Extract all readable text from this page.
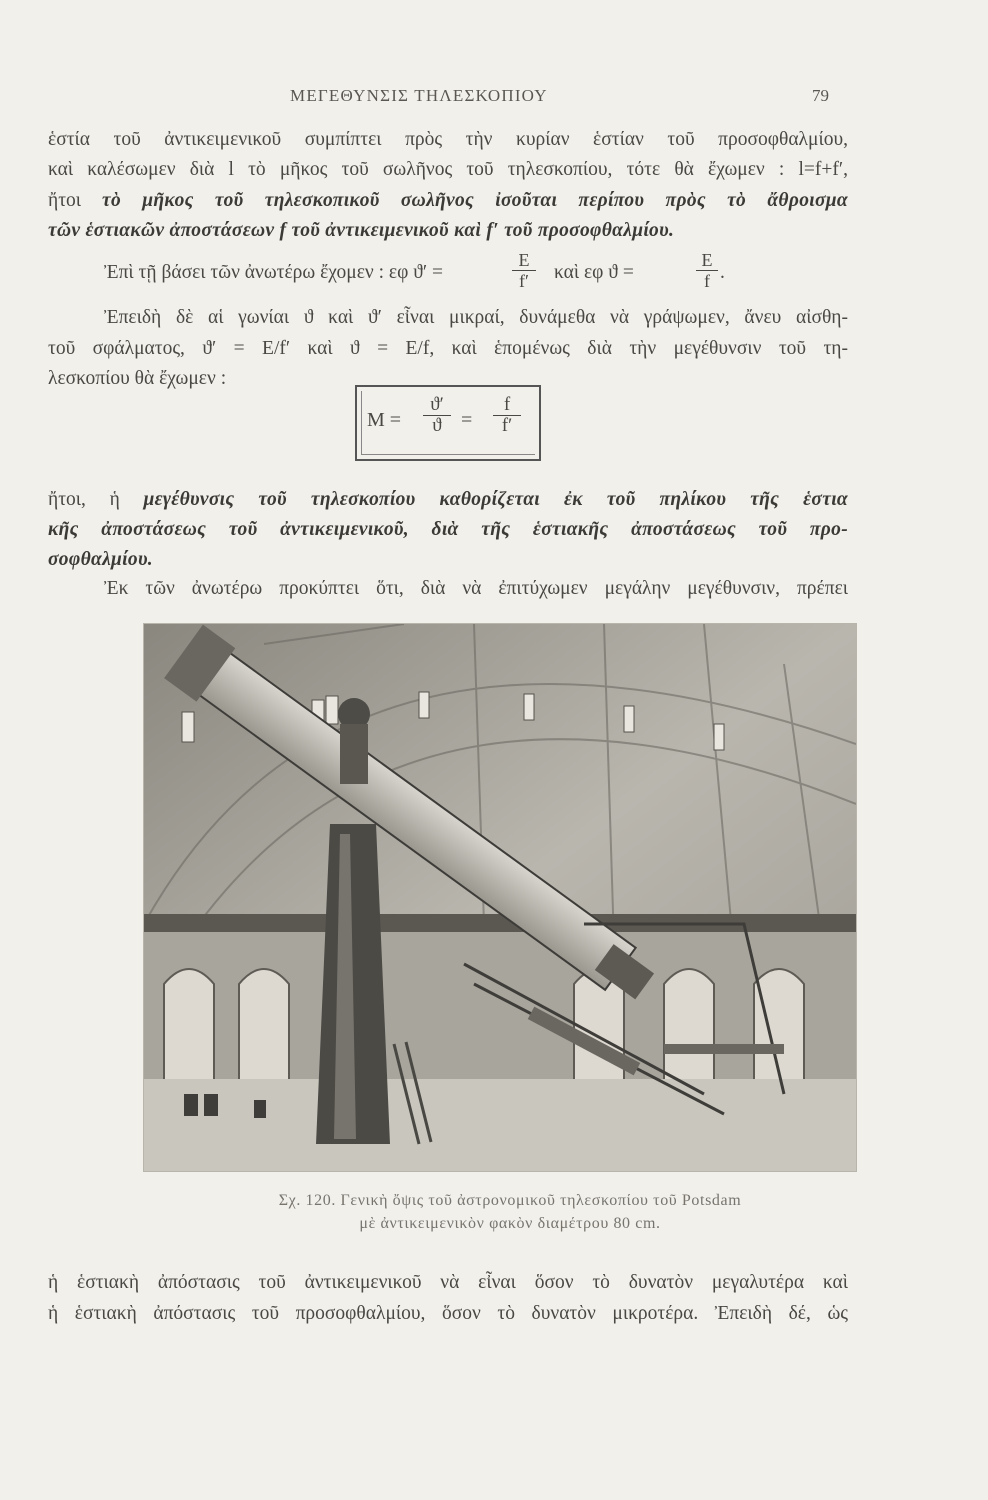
ΜΕΓΕΘΥΝΣΙΣ ΤΗΛΕΣΚΟΠΙΟΥ	79
ἑστία τοῦ ἀντικειμενικοῦ συμπίπτει πρὸς τὴν κυρίαν ἑστίαν τοῦ προσοφθαλμίου,
καὶ καλέσωμεν διὰ l τὸ μῆκος τοῦ σωλῆνος τοῦ τηλεσκοπίου, τότε θὰ ἔχωμεν : l=f+f′,
ἤτοι τὸ μῆκος τοῦ τηλεσκοπικοῦ σωλῆνος ἰσοῦται περίπου πρὸς τὸ ἄθροισμα
τῶν ἑστιακῶν ἀποστάσεων f τοῦ ἀντικειμενικοῦ καὶ f′ τοῦ προσοφθαλμίου.
Ἐπὶ τῇ βάσει τῶν ἀνωτέρω ἔχομεν : εφ ϑ′ =
E
f′	καὶ εφ ϑ =
E
f .
Ἐπειδὴ δὲ αἱ γωνίαι ϑ καὶ ϑ′ εἶναι μικραί, δυνάμεθα νὰ γράψωμεν, ἄνευ αἰσθη-
τοῦ σφάλματος, ϑ′ = E/f′ καὶ ϑ = E/f, καὶ ἑπομένως διὰ τὴν μεγέθυνσιν τοῦ τη-
λεσκοπίου θὰ ἔχωμεν :
M =
ϑ′
ϑ =
f
f′
ἤτοι, ἡ μεγέθυνσις τοῦ τηλεσκοπίου καθορίζεται ἐκ τοῦ πηλίκου τῆς ἑστια
κῆς ἀποστάσεως τοῦ ἀντικειμενικοῦ, διὰ τῆς ἑστιακῆς ἀποστάσεως τοῦ προ-
σοφθαλμίου.
Ἐκ τῶν ἀνωτέρω προκύπτει ὅτι, διὰ νὰ ἐπιτύχωμεν μεγάλην μεγέθυνσιν, πρέπει
Σχ. 120. Γενικὴ ὄψις τοῦ ἀστρονομικοῦ τηλεσκοπίου τοῦ Potsdam
μὲ ἀντικειμενικὸν φακὸν διαμέτρου 80 cm.
ἡ ἑστιακὴ ἀπόστασις τοῦ ἀντικειμενικοῦ νὰ εἶναι ὅσον τὸ δυνατὸν μεγαλυτέρα καὶ
ἡ ἑστιακὴ ἀπόστασις τοῦ προσοφθαλμίου, ὅσον τὸ δυνατὸν μικροτέρα. Ἐπειδὴ δέ, ὡς
